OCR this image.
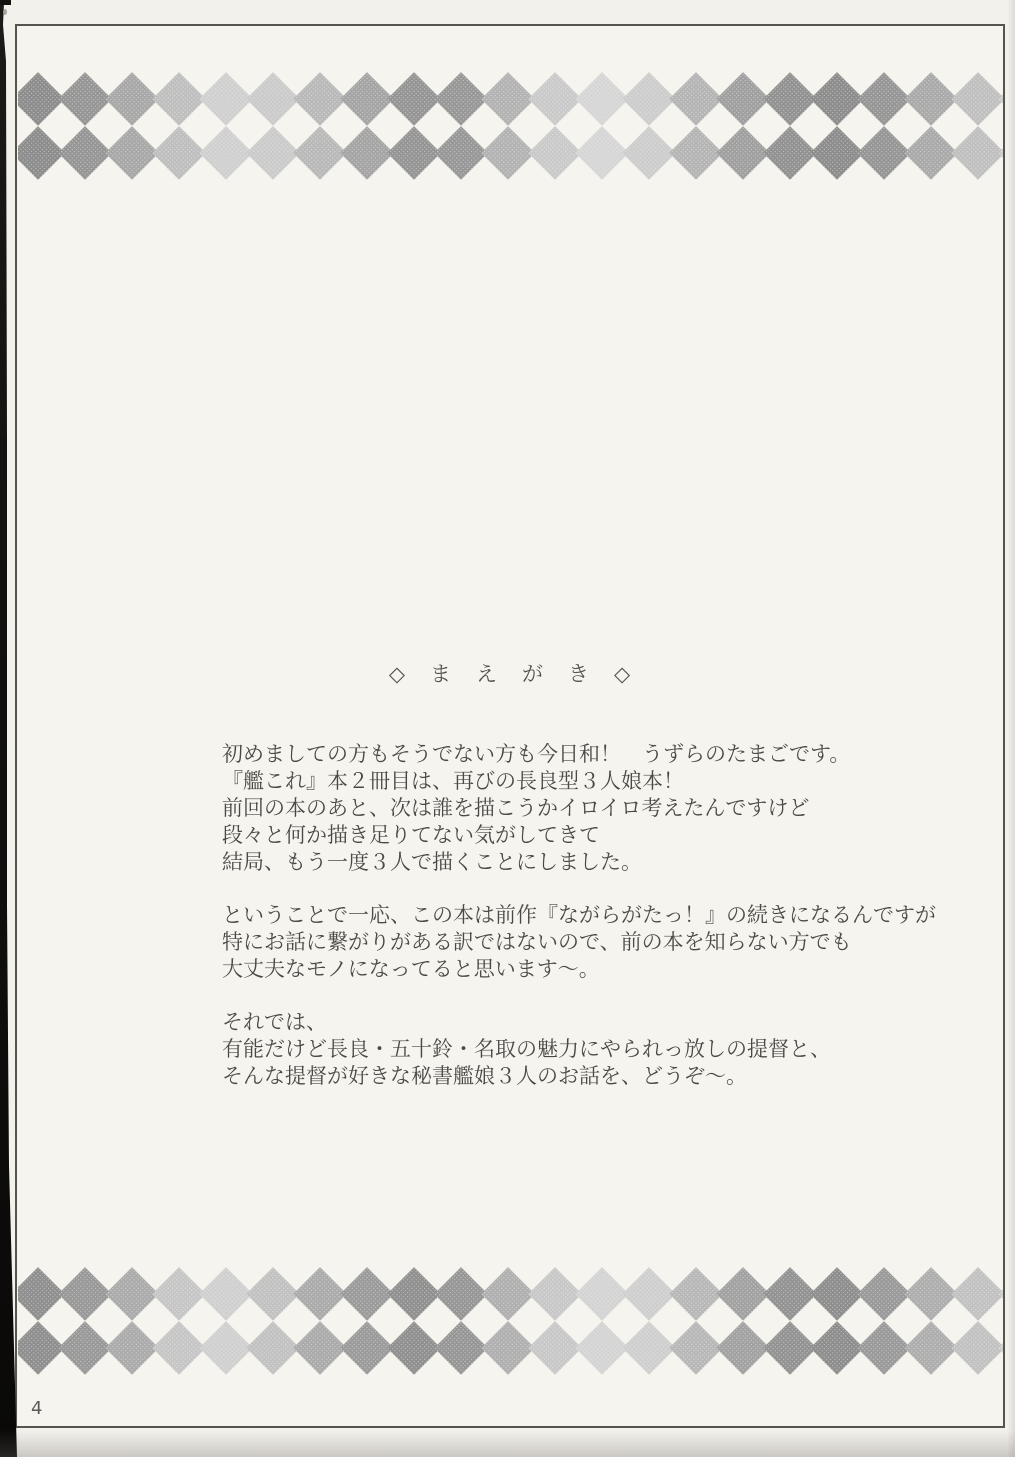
◇　ま　え　が　き　◇

初めましての方もそうでない方も今日和！　うずらのたまごです。
『艦これ』本２冊目は、再びの長良型３人娘本！
前回の本のあと、次は誰を描こうかイロイロ考えたんですけど
段々と何か描き足りてない気がしてきて
結局、もう一度３人で描くことにしました。

ということで一応、この本は前作『ながらがたっ！』の続きになるんですが
特にお話に繋がりがある訳ではないので、前の本を知らない方でも
大丈夫なモノになってると思います～。

それでは、
有能だけど長良・五十鈴・名取の魅力にやられっ放しの提督と、
そんな提督が好きな秘書艦娘３人のお話を、どうぞ～。

4
